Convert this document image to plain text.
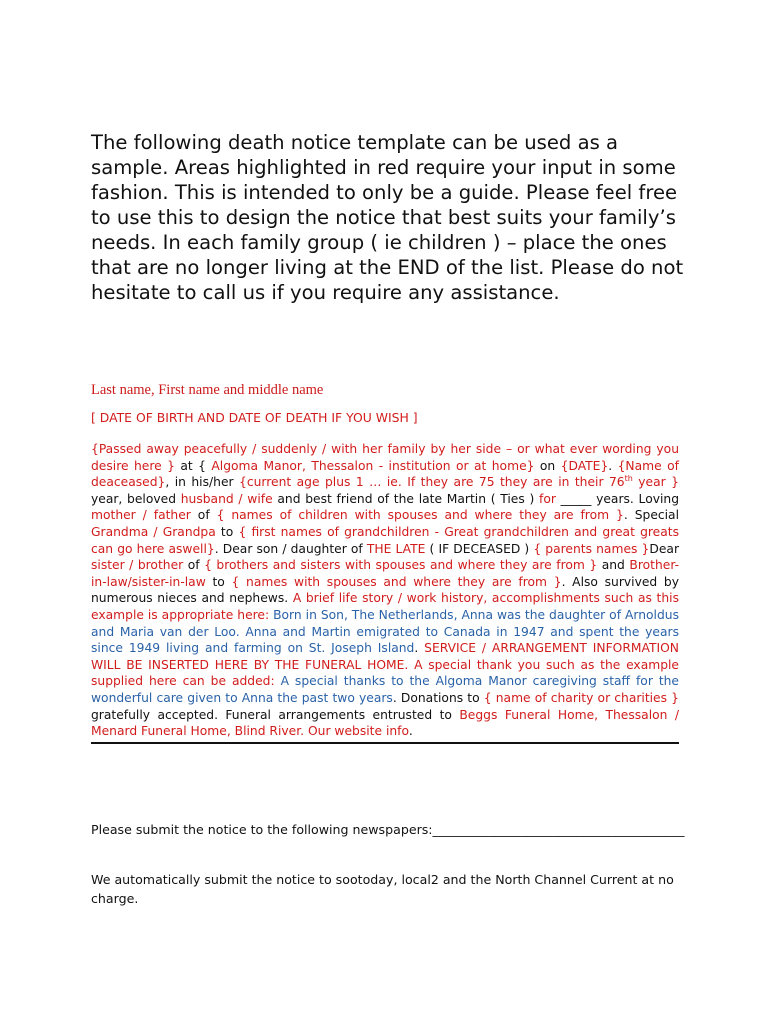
The following death notice template can be used as a sample. Areas highlighted in red require your input in some fashion. This is intended to only be a guide. Please feel free to use this to design the notice that best suits your family’s needs. In each family group ( ie children ) – place the ones that are no longer living at the END of the list. Please do not hesitate to call us if you require any assistance.

Last name, First name and middle name

[ DATE OF BIRTH AND DATE OF DEATH IF YOU WISH ]

{Passed away peacefully / suddenly / with her family by her side – or what ever wording you desire here } at { Algoma Manor, Thessalon - institution or at home} on {DATE}. {Name of deaceased}, in his/her {current age plus 1 … ie. If they are 75 they are in their 76th year } year, beloved husband / wife and best friend of the late Martin ( Ties ) for _____ years. Loving mother / father of { names of children with spouses and where they are from }. Special Grandma / Grandpa to { first names of grandchildren - Great grandchildren and great greats can go here aswell}. Dear son / daughter of THE LATE ( IF DECEASED ) { parents names }Dear sister / brother of { brothers and sisters with spouses and where they are from } and Brother-in-law/sister-in-law to { names with spouses and where they are from }. Also survived by numerous nieces and nephews. A brief life story / work history, accomplishments such as this example is appropriate here: Born in Son, The Netherlands, Anna was the daughter of Arnoldus and Maria van der Loo. Anna and Martin emigrated to Canada in 1947 and spent the years since 1949 living and farming on St. Joseph Island. SERVICE / ARRANGEMENT INFORMATION WILL BE INSERTED HERE BY THE FUNERAL HOME. A special thank you such as the example supplied here can be added: A special thanks to the Algoma Manor caregiving staff for the wonderful care given to Anna the past two years. Donations to { name of charity or charities } gratefully accepted. Funeral arrangements entrusted to Beggs Funeral Home, Thessalon / Menard Funeral Home, Blind River. Our website info.

Please submit the notice to the following newspapers:________________________________________

We automatically submit the notice to sootoday, local2 and the North Channel Current at no charge.
